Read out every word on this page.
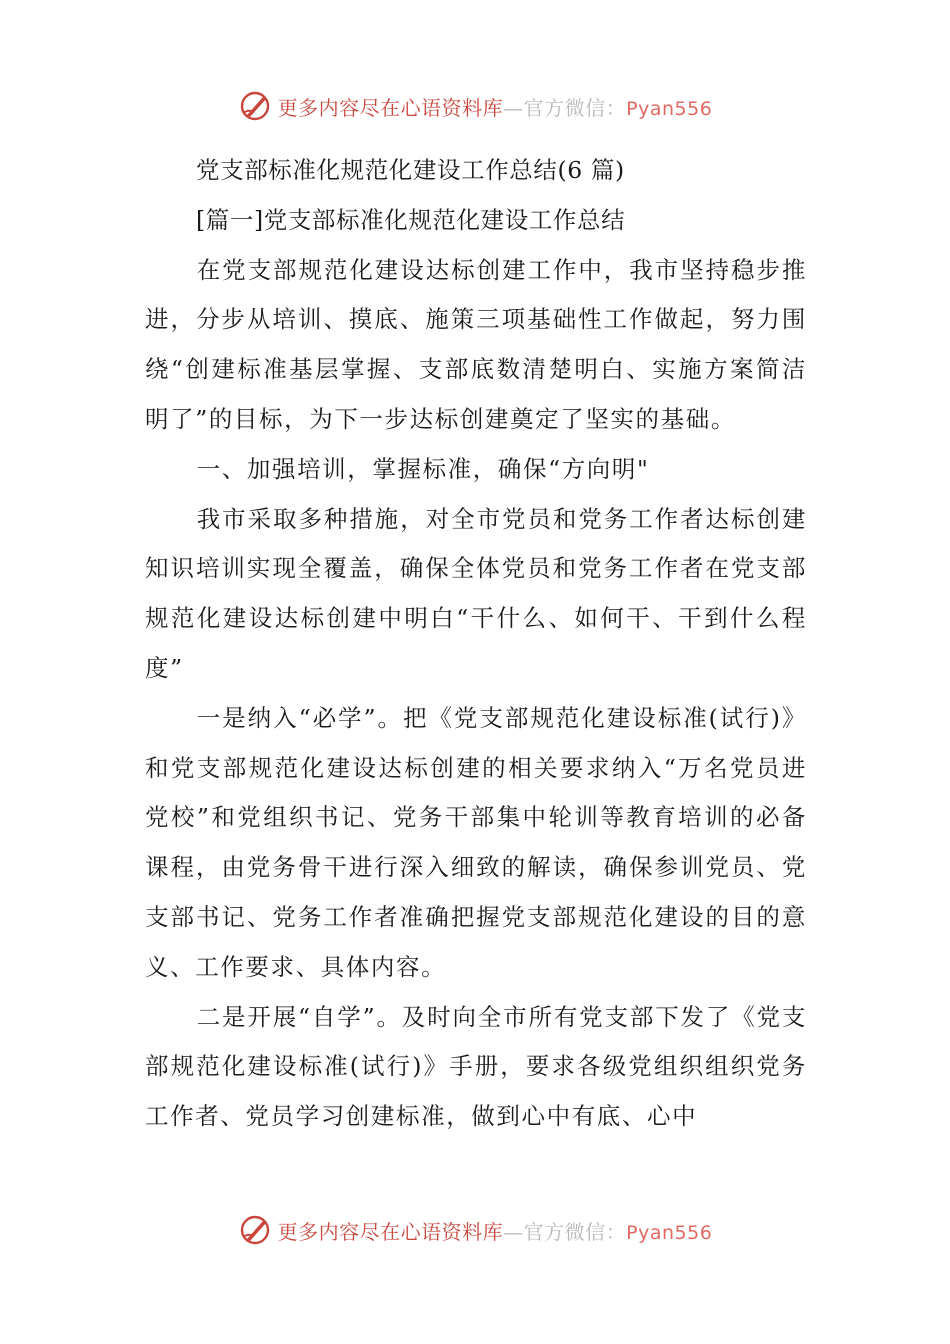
更多内容尽在心语资料库—官方微信：Pyan556

党支部标准化规范化建设工作总结(6 篇)

[篇一]党支部标准化规范化建设工作总结

在党支部规范化建设达标创建工作中，我市坚持稳步推进，分步从培训、摸底、施策三项基础性工作做起，努力围绕“创建标准基层掌握、支部底数清楚明白、实施方案简洁明了”的目标，为下一步达标创建奠定了坚实的基础。

一、加强培训，掌握标准，确保“方向明"

我市采取多种措施，对全市党员和党务工作者达标创建知识培训实现全覆盖，确保全体党员和党务工作者在党支部规范化建设达标创建中明白“干什么、如何干、干到什么程度”

一是纳入“必学”。把《党支部规范化建设标准(试行)》和党支部规范化建设达标创建的相关要求纳入“万名党员进党校”和党组织书记、党务干部集中轮训等教育培训的必备课程，由党务骨干进行深入细致的解读，确保参训党员、党支部书记、党务工作者准确把握党支部规范化建设的目的意义、工作要求、具体内容。

二是开展“自学”。及时向全市所有党支部下发了《党支部规范化建设标准(试行)》手册，要求各级党组织组织党务工作者、党员学习创建标准，做到心中有底、心中

更多内容尽在心语资料库—官方微信：Pyan556
